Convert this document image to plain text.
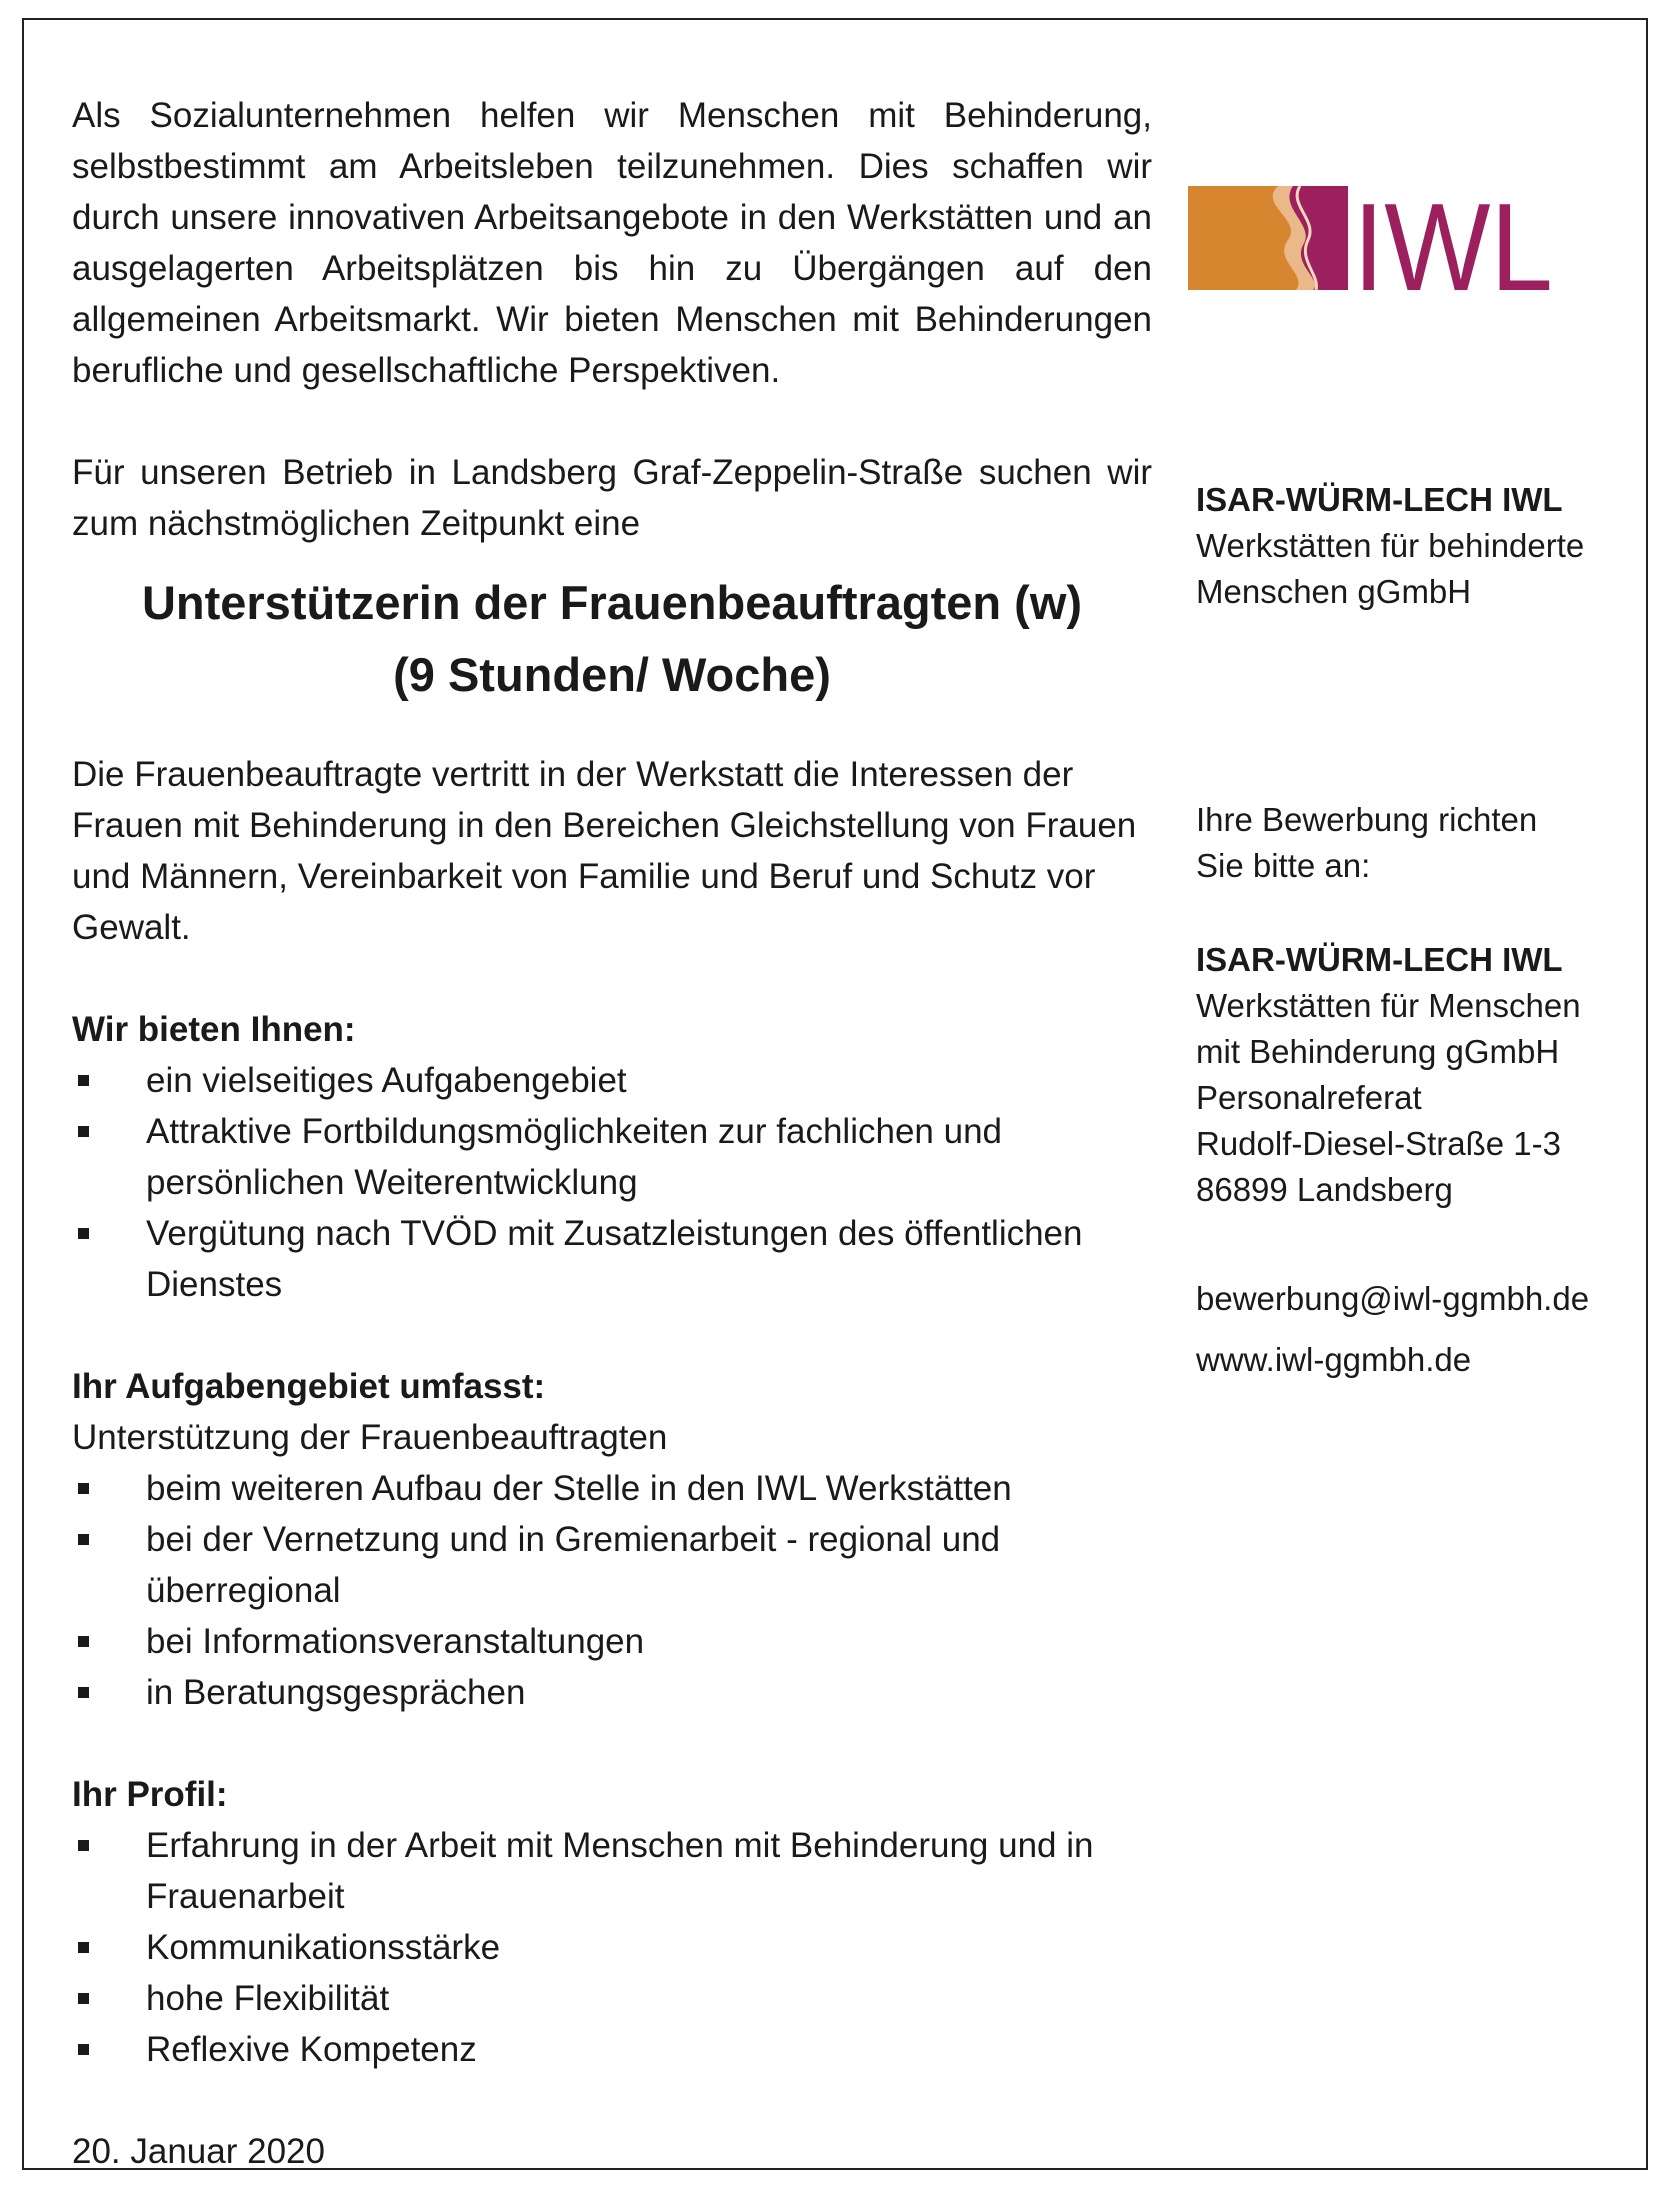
Als Sozialunternehmen helfen wir Menschen mit Behinderung, selbstbestimmt am Arbeitsleben teilzunehmen. Dies schaffen wir durch unsere innovativen Arbeitsangebote in den Werkstätten und an ausgelagerten Arbeitsplätzen bis hin zu Übergängen auf den allgemeinen Arbeitsmarkt. Wir bieten Menschen mit Behinderungen berufliche und gesellschaftliche Perspektiven.

Für unseren Betrieb in Landsberg Graf-Zeppelin-Straße suchen wir zum nächstmöglichen Zeitpunkt eine

Unterstützerin der Frauenbeauftragten (w)
(9 Stunden/ Woche)

Die Frauenbeauftragte vertritt in der Werkstatt die Interessen der Frauen mit Behinderung in den Bereichen Gleichstellung von Frauen und Männern, Vereinbarkeit von Familie und Beruf und Schutz vor Gewalt.

Wir bieten Ihnen:

ein vielseitiges Aufgabengebiet
Attraktive Fortbildungsmöglichkeiten zur fachlichen und persönlichen Weiterentwicklung
Vergütung nach TVÖD mit Zusatzleistungen des öffentlichen Dienstes

Ihr Aufgabengebiet umfasst:

Unterstützung der Frauenbeauftragten

beim weiteren Aufbau der Stelle in den IWL Werkstätten
bei der Vernetzung und in Gremienarbeit - regional und überregional
bei Informationsveranstaltungen
in Beratungsgesprächen

Ihr Profil:

Erfahrung in der Arbeit mit Menschen mit Behinderung und in Frauenarbeit
Kommunikationsstärke
hohe Flexibilität
Reflexive Kompetenz

20. Januar 2020

ISAR-WÜRM-LECH IWL
Werkstätten für behinderte
Menschen gGmbH
Ihre Bewerbung richten
Sie bitte an:
ISAR-WÜRM-LECH IWL
Werkstätten für Menschen
mit Behinderung gGmbH
Personalreferat
Rudolf-Diesel-Straße 1-3
86899 Landsberg
bewerbung@iwl-ggmbh.de
www.iwl-ggmbh.de
IWL
